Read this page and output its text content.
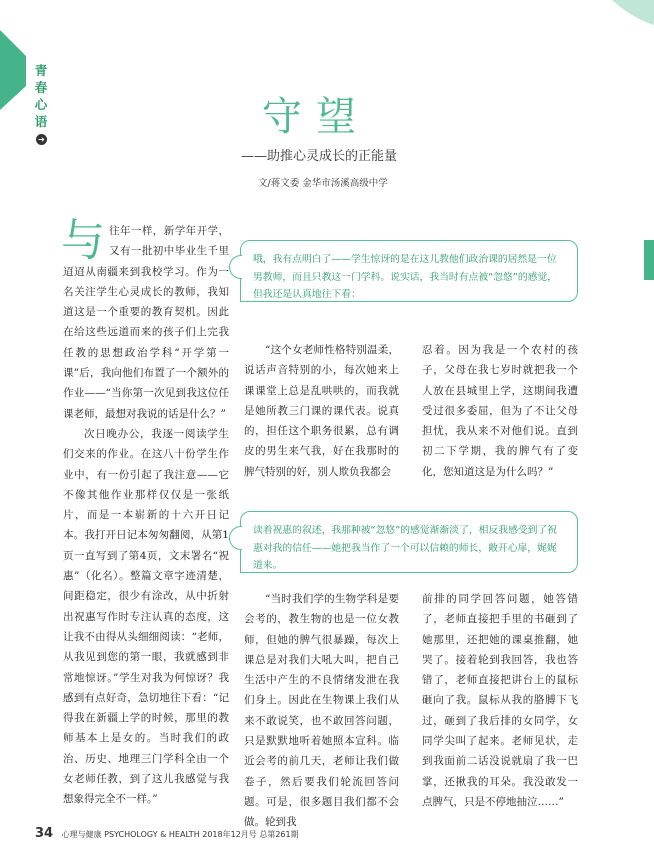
青
春
心
语
➔	守望
——助推心灵成长的正能量
文/蒋文委 金华市汤溪高级中学

与往年一样，新学年开学，又有一批初中毕业生千里迢迢从南疆来到我校学习。作为一名关注学生心灵成长的教师，我知道这是一个重要的教育契机。因此在给这些远道而来的孩子们上完我任教的思想政治学科“开学第一课”后，我向他们布置了一个额外的作业——“当你第一次见到我这位任课老师，最想对我说的话是什么？”

次日晚办公，我逐一阅读学生们交来的作业。在这八十份学生作业中，有一份引起了我注意——它不像其他作业那样仅仅是一张纸片，而是一本崭新的十六开日记本。我打开日记本匆匆翻阅，从第1页一直写到了第4页，文末署名“祝惠”（化名）。整篇文章字迹清楚，间距稳定，很少有涂改，从中折射出祝惠写作时专注认真的态度，这让我不由得从头细细阅读：“老师，从我见到您的第一眼，我就感到非常地惊讶。”学生对我为何惊讶？我感到有点好奇，急切地往下看：“记得我在新疆上学的时候，那里的教师基本上是女的。当时我们的政治、历史、地理三门学科全由一个女老师任教，到了这儿我感觉与我想象得完全不一样。”

哦，我有点明白了——学生惊讶的是在这儿教他们政治课的居然是一位男教师，而且只教这一门学科。说实话，我当时有点被“忽悠”的感觉，但我还是认真地往下看：

“这个女老师性格特别温柔，说话声音特别的小，每次她来上课课堂上总是乱哄哄的，而我就是她所教三门课的课代表。说真的，担任这个职务很累，总有调皮的男生来气我，好在我那时的脾气特别的好，别人欺负我都会

忍着。因为我是一个农村的孩子，父母在我七岁时就把我一个人放在县城里上学，这期间我遭受过很多委屈，但为了不让父母担忧，我从来不对他们说。直到初二下学期，我的脾气有了变化，您知道这是为什么吗？”

读着祝惠的叙述，我那种被“忽悠”的感觉渐渐淡了，相反我感受到了祝惠对我的信任——她把我当作了一个可以信赖的师长，敞开心扉，娓娓道来。

“当时我们学的生物学科是要会考的，教生物的也是一位女教师，但她的脾气很暴躁，每次上课总是对我们大吼大叫，把自己生活中产生的不良情绪发泄在我们身上。因此在生物课上我们从来不敢说笑，也不敢回答问题，只是默默地听着她照本宣科。临近会考的前几天，老师让我们做卷子，然后要我们轮流回答问题。可是，很多题目我们都不会做。轮到我

前排的同学回答问题，她答错了，老师直接把手里的书砸到了她那里，还把她的课桌推翻，她哭了。接着轮到我回答，我也答错了，老师直接把讲台上的鼠标砸向了我。鼠标从我的胳膊下飞过，砸到了我后排的女同学，女同学尖叫了起来。老师见状，走到我面前二话没说就扇了我一巴掌，还揪我的耳朵。我没敢发一点脾气，只是不停地抽泣……”

34 心理与健康 PSYCHOLOGY & HEALTH 2018年12月号 总第261期
